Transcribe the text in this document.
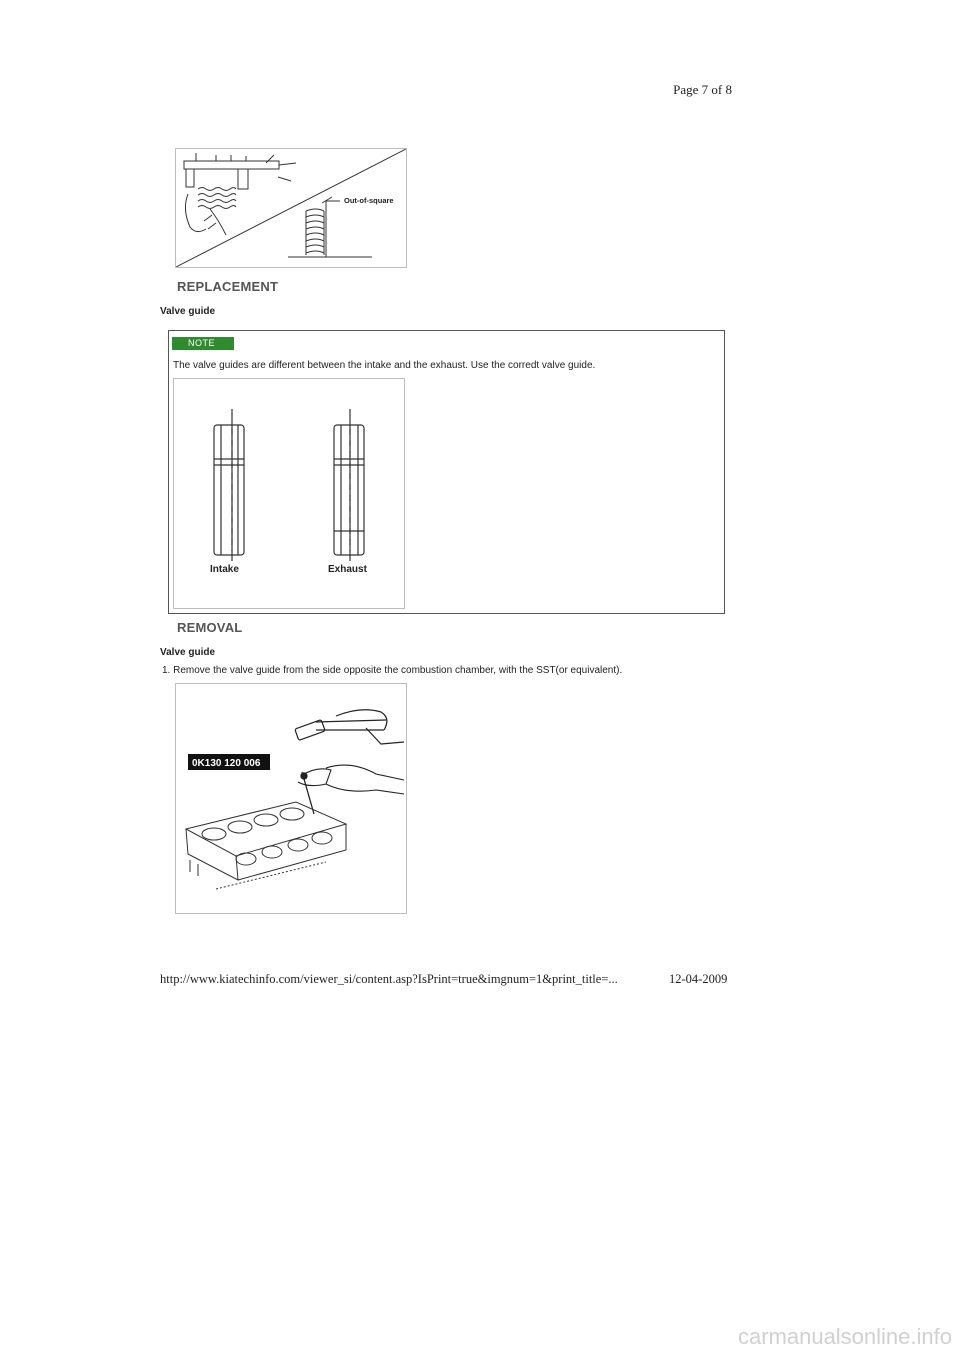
Page 7 of 8
Out-of-square
REPLACEMENT
Valve guide
NOTE
The valve guides are different between the intake and the exhaust. Use the corredt valve guide.
Intake	Exhaust
REMOVAL
Valve guide
1. Remove the valve guide from the side opposite the combustion chamber, with the SST(or equivalent).
0K130 120 006
http://www.kiatechinfo.com/viewer_si/content.asp?IsPrint=true&imgnum=1&print_title=...	12-04-2009
carmanualsonline.info
